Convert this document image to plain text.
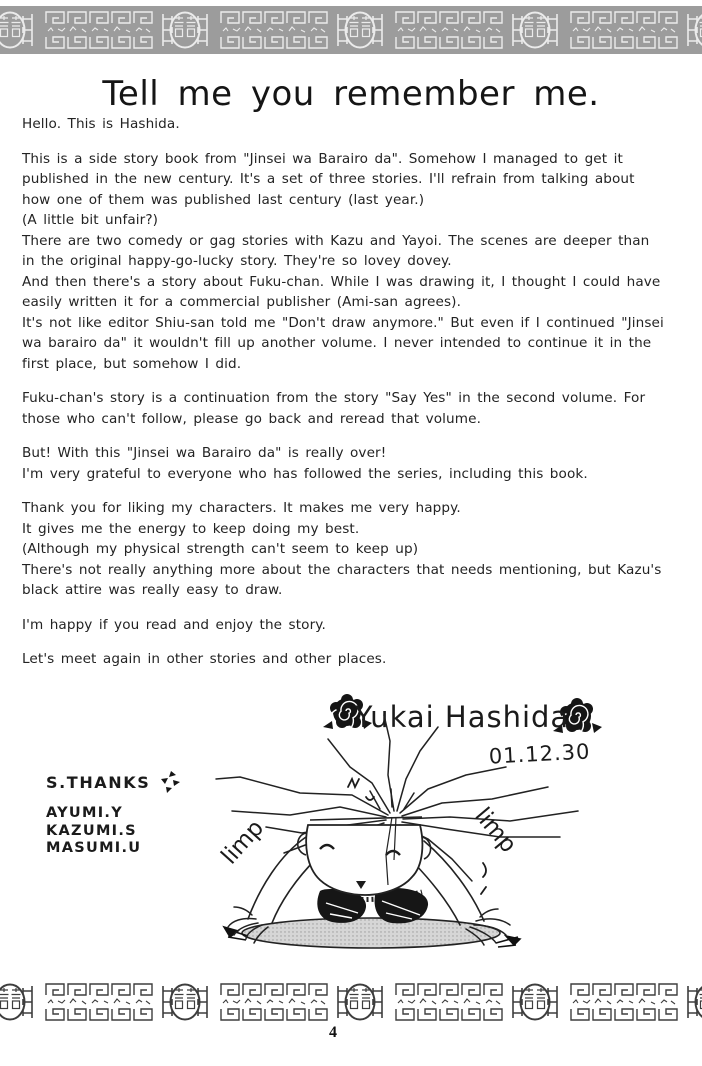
Tell me you remember me.
Hello. This is Hashida.
This is a side story book from "Jinsei wa Barairo da". Somehow I managed to get it
published in the new century. It's a set of three stories. I'll refrain from talking about
how one of them was published last century (last year.)
(A little bit unfair?)
There are two comedy or gag stories with Kazu and Yayoi. The scenes are deeper than
in the original happy-go-lucky story. They're so lovey dovey.
And then there's a story about Fuku-chan. While I was drawing it, I thought I could have
easily written it for a commercial publisher (Ami-san agrees).
It's not like editor Shiu-san told me "Don't draw anymore." But even if I continued "Jinsei
wa barairo da" it wouldn't fill up another volume. I never intended to continue it in the
first place, but somehow I did.
Fuku-chan's story is a continuation from the story "Say Yes" in the second volume. For
those who can't follow, please go back and reread that volume.
But! With this "Jinsei wa Barairo da" is really over!
I'm very grateful to everyone who has followed the series, including this book.
Thank you for liking my characters. It makes me very happy.
It gives me the energy to keep doing my best.
(Although my physical strength can't seem to keep up)
There's not really anything more about the characters that needs mentioning, but Kazu's
black attire was really easy to draw.
I'm happy if you read and enjoy the story.
Let's meet again in other stories and other places.
Yukai Hashida
01.12.30
limp	limp
S.THANKS
AYUMI.Y
KAZUMI.S
MASUMI.U
4
